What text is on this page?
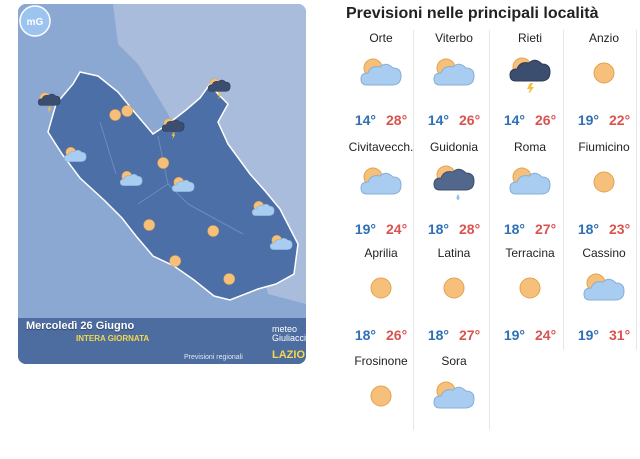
mG
Mercoledì 26 Giugno
INTERA GIORNATA
meteo
Giuliacci
Previsioni regionali	LAZIO
Previsioni nelle principali località
Orte
14° 28°
Viterbo
14° 26°
Rieti
14° 26°
Anzio
19° 22°
Civitavecch.
19° 24°
Guidonia
18° 28°
Roma
18° 27°
Fiumicino
18° 23°
Aprilia
18° 26°
Latina
18° 27°
Terracina
19° 24°
Cassino
19° 31°
Frosinone	Sora
